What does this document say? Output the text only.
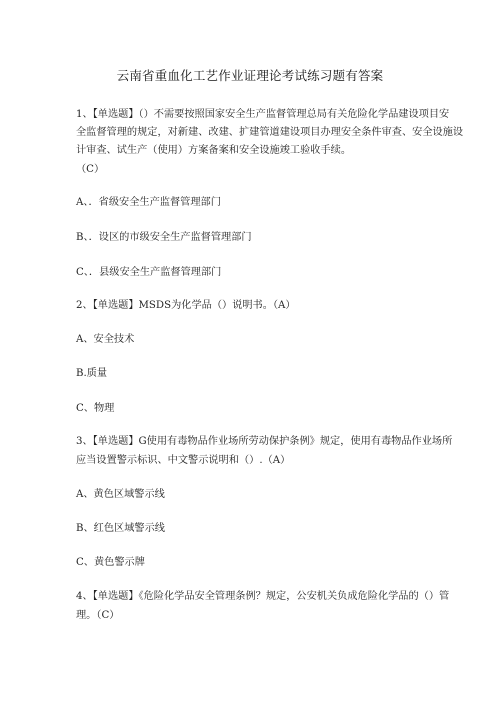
云南省重血化工艺作业证理论考试练习题有答案
1、【单选题】（）不需要按照国家安全生产监督管理总局有关危险化学品建设项目安
全监督管理的规定，对新建、改建、扩建管道建设项目办理安全条件审查、安全设施设
计审查、试生产（使用）方案备案和安全设施竣工验收手续。
（C）
A、．省级安全生产监督管理部门
B、．设区的市级安全生产监督管理部门
C、．县级安全生产监督管理部门
2、【单选题】MSDS为化学品（）说明书。（A）
A、安全技术
B.质量
C、物理
3、【单选题】G使用有毒物品作业场所劳动保护条例》规定，使用有毒物品作业场所
应当设置警示标识、中文警示说明和（）.（A）
A、黄色区域警示线
B、红色区域警示线
C、黄色警示牌
4、【单选题】《危险化学品安全管理条例？规定，公安机关负成危险化学品的（）管
理。（C）
